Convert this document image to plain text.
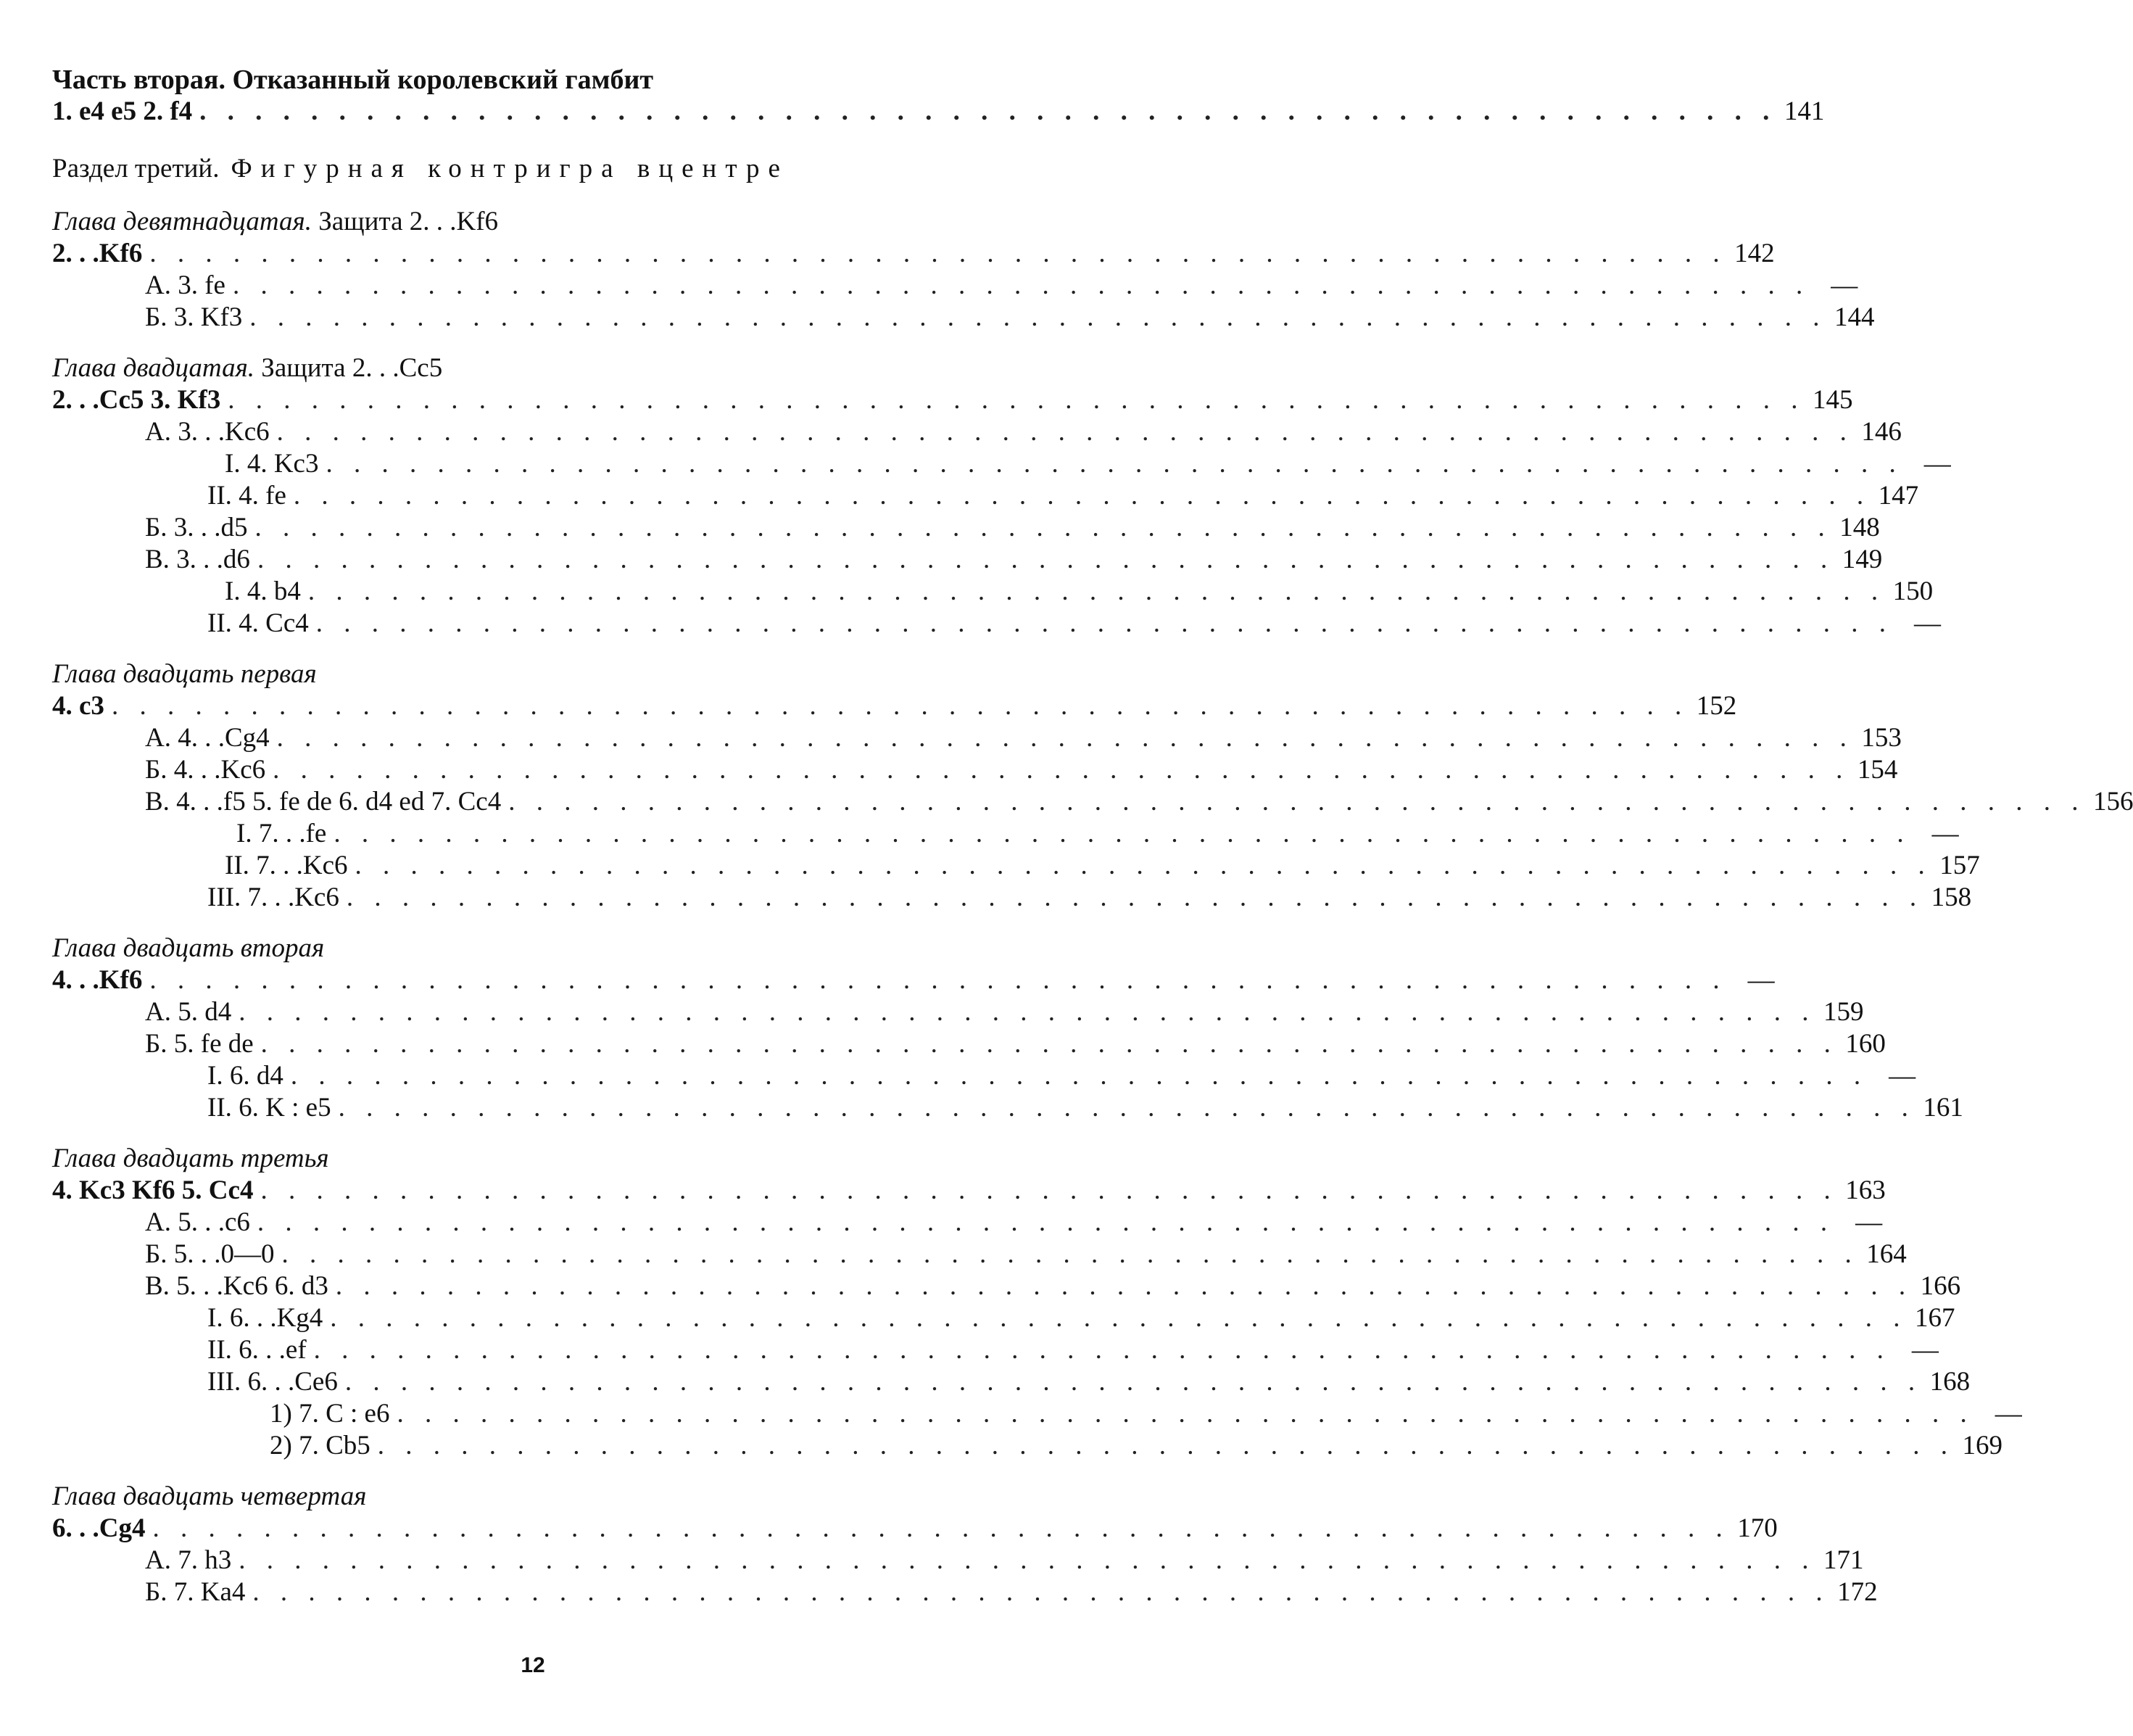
Часть вторая. Отказанный королевский гамбит
1. e4 e5 2. f4 . . . . . . . . . . . . . . . . . . . . . . . . . . . . . . . . . . . . . . . . . . . . . . . . . . . . . . . . . 141
Раздел третий. Фигурная контригра вцентре
Глава девятнадцатая. Защита 2. . .Kf6
2. . .Kf6 . . . . . . . . . . . . . . . . . . . . . . . . . . . . . . . . . . . . . . . . . . . . . . . . . . . . . . . . . 142
А. 3. fe . . . . . . . . . . . . . . . . . . . . . . . . . . . . . . . . . . . . . . . . . . . . . . . . . . . . . . . . . —
Б. 3. Kf3 . . . . . . . . . . . . . . . . . . . . . . . . . . . . . . . . . . . . . . . . . . . . . . . . . . . . . . . . . 144
Глава двадцатая. Защита 2. . .Cc5
2. . .Cc5 3. Kf3 . . . . . . . . . . . . . . . . . . . . . . . . . . . . . . . . . . . . . . . . . . . . . . . . . . . . . . . . . 145
А. 3. . .Kc6 . . . . . . . . . . . . . . . . . . . . . . . . . . . . . . . . . . . . . . . . . . . . . . . . . . . . . . . . . 146
I. 4. Kc3 . . . . . . . . . . . . . . . . . . . . . . . . . . . . . . . . . . . . . . . . . . . . . . . . . . . . . . . . . —
II. 4. fe . . . . . . . . . . . . . . . . . . . . . . . . . . . . . . . . . . . . . . . . . . . . . . . . . . . . . . . . . 147
Б. 3. . .d5 . . . . . . . . . . . . . . . . . . . . . . . . . . . . . . . . . . . . . . . . . . . . . . . . . . . . . . . . . 148
В. 3. . .d6 . . . . . . . . . . . . . . . . . . . . . . . . . . . . . . . . . . . . . . . . . . . . . . . . . . . . . . . . . 149
I. 4. b4 . . . . . . . . . . . . . . . . . . . . . . . . . . . . . . . . . . . . . . . . . . . . . . . . . . . . . . . . . 150
II. 4. Cc4 . . . . . . . . . . . . . . . . . . . . . . . . . . . . . . . . . . . . . . . . . . . . . . . . . . . . . . . . . —
Глава двадцать первая
4. c3 . . . . . . . . . . . . . . . . . . . . . . . . . . . . . . . . . . . . . . . . . . . . . . . . . . . . . . . . . 152
А. 4. . .Cg4 . . . . . . . . . . . . . . . . . . . . . . . . . . . . . . . . . . . . . . . . . . . . . . . . . . . . . . . . . 153
Б. 4. . .Kc6 . . . . . . . . . . . . . . . . . . . . . . . . . . . . . . . . . . . . . . . . . . . . . . . . . . . . . . . . . 154
В. 4. . .f5 5. fe de 6. d4 ed 7. Cc4 . . . . . . . . . . . . . . . . . . . . . . . . . . . . . . . . . . . . . . . . . . . . . . . . . . . . . . . . . 156
I. 7. . .fe . . . . . . . . . . . . . . . . . . . . . . . . . . . . . . . . . . . . . . . . . . . . . . . . . . . . . . . . . —
II. 7. . .Kc6 . . . . . . . . . . . . . . . . . . . . . . . . . . . . . . . . . . . . . . . . . . . . . . . . . . . . . . . . . 157
III. 7. . .Kc6 . . . . . . . . . . . . . . . . . . . . . . . . . . . . . . . . . . . . . . . . . . . . . . . . . . . . . . . . . 158
Глава двадцать вторая
4. . .Kf6 . . . . . . . . . . . . . . . . . . . . . . . . . . . . . . . . . . . . . . . . . . . . . . . . . . . . . . . . . —
А. 5. d4 . . . . . . . . . . . . . . . . . . . . . . . . . . . . . . . . . . . . . . . . . . . . . . . . . . . . . . . . . 159
Б. 5. fe de . . . . . . . . . . . . . . . . . . . . . . . . . . . . . . . . . . . . . . . . . . . . . . . . . . . . . . . . . 160
I. 6. d4 . . . . . . . . . . . . . . . . . . . . . . . . . . . . . . . . . . . . . . . . . . . . . . . . . . . . . . . . . —
II. 6. K : e5 . . . . . . . . . . . . . . . . . . . . . . . . . . . . . . . . . . . . . . . . . . . . . . . . . . . . . . . . . 161
Глава двадцать третья
4. Kc3 Kf6 5. Cc4 . . . . . . . . . . . . . . . . . . . . . . . . . . . . . . . . . . . . . . . . . . . . . . . . . . . . . . . . . 163
А. 5. . .c6 . . . . . . . . . . . . . . . . . . . . . . . . . . . . . . . . . . . . . . . . . . . . . . . . . . . . . . . . . —
Б. 5. . .0—0 . . . . . . . . . . . . . . . . . . . . . . . . . . . . . . . . . . . . . . . . . . . . . . . . . . . . . . . . . 164
В. 5. . .Kc6 6. d3 . . . . . . . . . . . . . . . . . . . . . . . . . . . . . . . . . . . . . . . . . . . . . . . . . . . . . . . . . 166
I. 6. . .Kg4 . . . . . . . . . . . . . . . . . . . . . . . . . . . . . . . . . . . . . . . . . . . . . . . . . . . . . . . . . 167
II. 6. . .ef . . . . . . . . . . . . . . . . . . . . . . . . . . . . . . . . . . . . . . . . . . . . . . . . . . . . . . . . . —
III. 6. . .Ce6 . . . . . . . . . . . . . . . . . . . . . . . . . . . . . . . . . . . . . . . . . . . . . . . . . . . . . . . . . 168
1) 7. C : e6 . . . . . . . . . . . . . . . . . . . . . . . . . . . . . . . . . . . . . . . . . . . . . . . . . . . . . . . . . —
2) 7. Cb5 . . . . . . . . . . . . . . . . . . . . . . . . . . . . . . . . . . . . . . . . . . . . . . . . . . . . . . . . . 169
Глава двадцать четвертая
6. . .Cg4 . . . . . . . . . . . . . . . . . . . . . . . . . . . . . . . . . . . . . . . . . . . . . . . . . . . . . . . . . 170
А. 7. h3 . . . . . . . . . . . . . . . . . . . . . . . . . . . . . . . . . . . . . . . . . . . . . . . . . . . . . . . . . 171
Б. 7. Ka4 . . . . . . . . . . . . . . . . . . . . . . . . . . . . . . . . . . . . . . . . . . . . . . . . . . . . . . . . . 172
12
